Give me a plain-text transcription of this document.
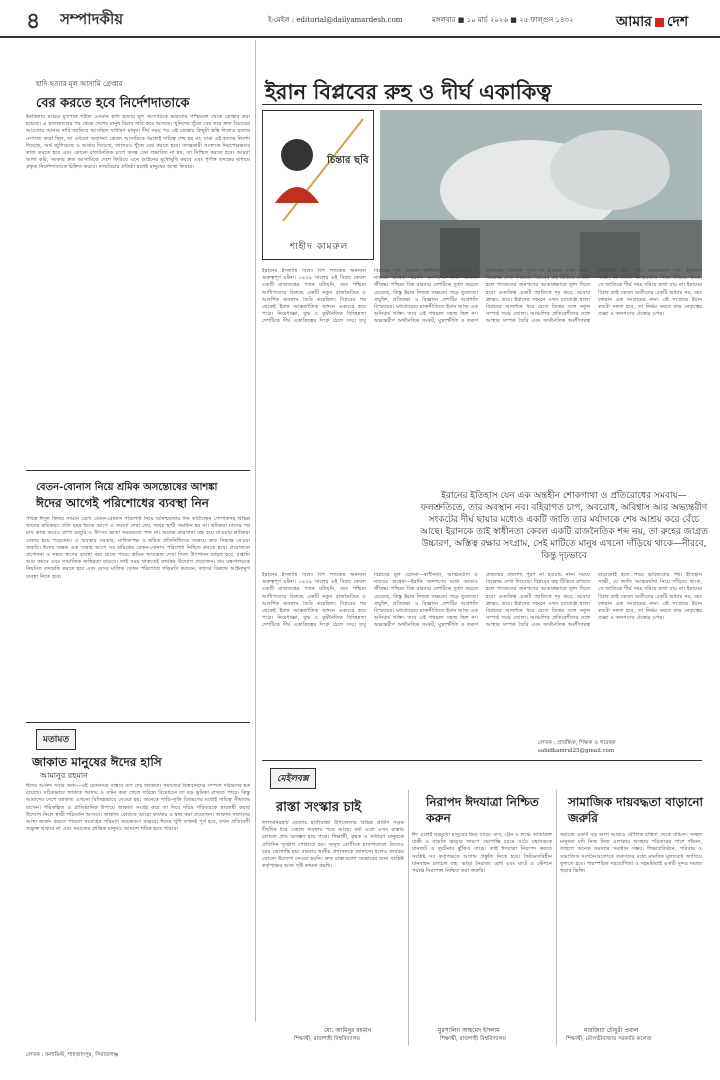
৪ সম্পাদকীয়	ই-মেইল : editorial@dailyamardesh.com	মঙ্গলবার ■ ১০ মার্চ ২০২৬ ■ ২৫ ফাল্গুন ১৪৩২	আমার দেশ
হাদি হত্যার মূল আসামি গ্রেপ্তার
বের করতে হবে নির্দেশদাতাকে
ইনকিলাব মঞ্চের মুখপাত্র শরীফ ওসমান হাদি হত্যার মূল আসামিকে ভারতের পশ্চিমবঙ্গ থেকে গ্রেপ্তার করা হয়েছে। এ হত্যাকাণ্ডের পর থেকে দেশের মানুষ বিচার দাবি করে আসছে। খুনিদের খুঁজে বের করে দ্রুত বিচারের আওতায় আনার দাবি জানিয়ে আসছিল সাধারণ মানুষ। দীর্ঘ সময় পর এই গ্রেপ্তার কিছুটা স্বস্তি দিলেও হত্যার নেপথ্যে কারা ছিল, তা এখনো অজানা। কেবল আসামিকে ধরলেই দায়িত্ব শেষ হয় না; যারা এই হত্যার নির্দেশ দিয়েছে, অর্থ জুগিয়েছে ও আশ্রয় দিয়েছে, তাদেরও খুঁজে বের করতে হবে। তদন্তকারী সংস্থাকে নিরপেক্ষভাবে কাজ করতে হবে এবং কোনো রাজনৈতিক চাপে তদন্ত যেন প্রভাবিত না হয়, তা নিশ্চিত করতে হবে। আমরা আশা করি, সরকার দ্রুত আসামিকে দেশে ফিরিয়ে এনে আইনের মুখোমুখি করবে এবং পূর্ণাঙ্গ তদন্তের মাধ্যমে প্রকৃত নির্দেশদাতাকে চিহ্নিত করবে। ন্যায়বিচার প্রতিষ্ঠা হলেই মানুষের আস্থা ফিরবে।
বেতন-বোনাস নিয়ে শ্রমিক অসন্তোষের আশঙ্কা
ঈদের আগেই পরিশোধের ব্যবস্থা নিন
পবিত্র ঈদুল ফিতর সামনে রেখে বেতন-বোনাস পরিশোধ নিয়ে অনিশ্চয়তায় দিন কাটাচ্ছেন পোশাকসহ বিভিন্ন খাতের শ্রমিকরা। প্রতি বছর ঈদের আগে এ সমস্যা দেখা দেয়, অথচ স্থায়ী সমাধান হয় না। শ্রমিকরা মাসের পর মাস কাজ করেও প্রাপ্য মজুরি ও উৎসব ভাতা সময়মতো পান না। অনেক কারখানা বন্ধ হয়ে যাওয়ায় শ্রমিকরা বেকার হয়ে পড়েছেন। এ অবস্থায় সরকার, মালিকপক্ষ ও শ্রমিক প্রতিনিধিদের সমন্বয়ে দ্রুত সিদ্ধান্ত নেওয়া জরুরি। ঈদের অন্তত এক সপ্তাহ আগে সব শ্রমিকের বেতন-বোনাস পরিশোধ নিশ্চিত করতে হবে। প্রয়োজনে প্রণোদনা ও সহজ ঋণের ব্যবস্থা করা যেতে পারে। শ্রমিক অসন্তোষ দেখা দিলে উৎপাদন ব্যাহত হবে, রপ্তানি আয় কমবে এবং সামাজিক অস্থিরতা বাড়বে। তাই সময় থাকতেই কার্যকর উদ্যোগ প্রয়োজন। শ্রম মন্ত্রণালয়কে নিয়মিত তদারকি করতে হবে এবং যেসব মালিক বেতন পরিশোধে গড়িমসি করবেন, তাদের বিরুদ্ধে আইনানুগ ব্যবস্থা নিতে হবে।
মতামত
জাকাত মানুষের ঈদের হাসি
আমানুর রহমান
ঈদের আনন্দ সবার জন্য—এই চেতনাকে বাস্তবে রূপ দেয় জাকাত। সমাজের বিত্তবানদের সম্পদে দরিদ্রদের হক রয়েছে। সঠিকভাবে জাকাত আদায় ও বণ্টন করা গেলে দারিদ্র্য বিমোচনে তা বড় ভূমিকা রাখতে পারে। কিন্তু আমাদের দেশে জাকাত এখনো বিচ্ছিন্নভাবে দেওয়া হয়; অনেকে শাড়ি-লুঙ্গি বিতরণের মধ্যেই দায়িত্ব সীমাবদ্ধ রাখেন। পরিকল্পিত ও প্রাতিষ্ঠানিক উপায়ে জাকাত সংগ্রহ করে তা দিয়ে দরিদ্র পরিবারকে স্বাবলম্বী করার উদ্যোগ নিলে স্থায়ী পরিবর্তন আসবে। জাকাত বোর্ডকে আরো কার্যকর ও স্বচ্ছ করা প্রয়োজন। জাকাত দাতাদের আস্থা অর্জন করতে পারলে সংগ্রহের পরিমাণ কয়েকগুণ বাড়বে। ঈদের খুশি তখনই পূর্ণ হবে, যখন প্রতিবেশী অভুক্ত থাকবে না এবং সমাজের প্রান্তিক মানুষও আনন্দে শরিক হতে পারবে।
লেখক : কলামিস্ট, শাহজাদপুর, সিরাজগঞ্জ
ইরান বিপ্লবের রুহ ও দীর্ঘ একাকিত্ব
চিন্তার ছবি
শাহীদ কামরুল
ইরানের ইসলামি বিপ্লব বিশ শতকের অন্যতম গুরুত্বপূর্ণ ঘটনা। ১৯৭৯ সালের এই বিপ্লব কেবল একটি রাজতন্ত্রের পতন ঘটায়নি, বরং পশ্চিমা আধিপত্যের বিরুদ্ধে একটি নতুন রাজনৈতিক ও আদর্শিক অবস্থান তৈরি করেছিল। বিপ্লবের পর থেকেই ইরান আন্তর্জাতিক অঙ্গনে একঘরে হয়ে পড়ে। নিষেধাজ্ঞা, যুদ্ধ ও কূটনৈতিক বিচ্ছিন্নতা দেশটিকে দীর্ঘ একাকিত্বের দিকে ঠেলে দেয়। তবু বিপ্লবের মূল চেতনা—স্বাধীনতা, আত্মমর্যাদা ও ন্যায়ের অন্বেষা—ইরানি জনগণের মধ্যে আজও জীবন্ত। পশ্চিমা বিশ্ব বারবার দেশটিকে দুর্বল করতে চেয়েছে, কিন্তু ইরান নিজস্ব সক্ষমতা গড়ে তুলেছে। প্রযুক্তি, প্রতিরক্ষা ও বিজ্ঞানে দেশটির অগ্রগতি বিস্ময়কর। মধ্যপ্রাচ্যের রাজনীতিতে ইরান আজ এক অনিবার্য শক্তি। তবে এই পথচলা সহজ ছিল না। অভ্যন্তরীণ অর্থনৈতিক সংকট, মুদ্রাস্ফীতি ও তরুণ প্রজন্মের প্রত্যাশা পূরণ না হওয়ায় নানা সময়ে বিক্ষোভ দেখা দিয়েছে। বিপ্লবের রুহ টিকিয়ে রাখতে হলে শাসকদের জনগণের আকাঙ্ক্ষাকে মূল্য দিতে হবে। একাকিত্ব একটি জাতিকে দৃঢ় করে, আবার ক্লান্তও করে। ইরানের সামনে এখন চ্যালেঞ্জ হলো বিপ্লবের আদর্শকে ধরে রেখে বিশ্বের সঙ্গে নতুন সম্পর্ক গড়ে তোলা। আঞ্চলিক প্রতিবেশীদের সঙ্গে আস্থার সম্পর্ক তৈরি এবং অর্থনৈতিক অংশীদারত্ব বাড়ানোই হতে পারে ভবিষ্যতের পথ। ইতিহাস সাক্ষী, যে জাতি আত্মমর্যাদা নিয়ে দাঁড়িয়ে থাকে, সে জাতিকে দীর্ঘ সময় দমিয়ে রাখা যায় না। ইরানের বিপ্লব তাই কেবল অতীতের একটি অধ্যায় নয়, বরং চলমান এক সংগ্রামের নাম। এই সংগ্রামে ইরান কতটা সফল হবে, তা নির্ভর করবে তার নেতৃত্বের প্রজ্ঞা ও জনগণের ঐক্যের ওপর।
ইরানের ইতিহাস যেন এক অন্তহীন শোকগাথা ও প্রতিরোধের সমবায়— ফলশ্রুতিতে, তার অবস্থান নব। বহিরাগত চাপ, অবরোধ, অবিশ্বাস আর অভ্যন্তরীণ সংকটের দীর্ঘ ছায়ার মধ্যেও একটি জাতি তার মর্যাদাকে শেষ আশ্রয় করে বেঁচে আছে। ইরানকে তাই স্বাধীনতা কেবল একটি রাজনৈতিক শব্দ নয়, তা রুহের জাগ্রত উচ্চারণ, অস্তিত্ব রক্ষার সংগ্রাম, সেই মাটিতে মানুষ এখনো দাঁড়িয়ে থাকে—নীরবে, কিন্তু দৃঢ়ভাবে
ইরানের ইসলামি বিপ্লব বিশ শতকের অন্যতম গুরুত্বপূর্ণ ঘটনা। ১৯৭৯ সালের এই বিপ্লব কেবল একটি রাজতন্ত্রের পতন ঘটায়নি, বরং পশ্চিমা আধিপত্যের বিরুদ্ধে একটি নতুন রাজনৈতিক ও আদর্শিক অবস্থান তৈরি করেছিল। বিপ্লবের পর থেকেই ইরান আন্তর্জাতিক অঙ্গনে একঘরে হয়ে পড়ে। নিষেধাজ্ঞা, যুদ্ধ ও কূটনৈতিক বিচ্ছিন্নতা দেশটিকে দীর্ঘ একাকিত্বের দিকে ঠেলে দেয়। তবু বিপ্লবের মূল চেতনা—স্বাধীনতা, আত্মমর্যাদা ও ন্যায়ের অন্বেষা—ইরানি জনগণের মধ্যে আজও জীবন্ত। পশ্চিমা বিশ্ব বারবার দেশটিকে দুর্বল করতে চেয়েছে, কিন্তু ইরান নিজস্ব সক্ষমতা গড়ে তুলেছে। প্রযুক্তি, প্রতিরক্ষা ও বিজ্ঞানে দেশটির অগ্রগতি বিস্ময়কর। মধ্যপ্রাচ্যের রাজনীতিতে ইরান আজ এক অনিবার্য শক্তি। তবে এই পথচলা সহজ ছিল না। অভ্যন্তরীণ অর্থনৈতিক সংকট, মুদ্রাস্ফীতি ও তরুণ প্রজন্মের প্রত্যাশা পূরণ না হওয়ায় নানা সময়ে বিক্ষোভ দেখা দিয়েছে। বিপ্লবের রুহ টিকিয়ে রাখতে হলে শাসকদের জনগণের আকাঙ্ক্ষাকে মূল্য দিতে হবে। একাকিত্ব একটি জাতিকে দৃঢ় করে, আবার ক্লান্তও করে। ইরানের সামনে এখন চ্যালেঞ্জ হলো বিপ্লবের আদর্শকে ধরে রেখে বিশ্বের সঙ্গে নতুন সম্পর্ক গড়ে তোলা। আঞ্চলিক প্রতিবেশীদের সঙ্গে আস্থার সম্পর্ক তৈরি এবং অর্থনৈতিক অংশীদারত্ব বাড়ানোই হতে পারে ভবিষ্যতের পথ। ইতিহাস সাক্ষী, যে জাতি আত্মমর্যাদা নিয়ে দাঁড়িয়ে থাকে, সে জাতিকে দীর্ঘ সময় দমিয়ে রাখা যায় না। ইরানের বিপ্লব তাই কেবল অতীতের একটি অধ্যায় নয়, বরং চলমান এক সংগ্রামের নাম। এই সংগ্রামে ইরান কতটা সফল হবে, তা নির্ভর করবে তার নেতৃত্বের প্রজ্ঞা ও জনগণের ঐক্যের ওপর।
লেখক : প্রাবন্ধিক, শিক্ষক ও গবেষক
sahidkamrul25@gmail.com
মেইলবক্স
রাস্তা সংস্কার চাই
লালমনিরহাট জেলার হাতীবান্ধা উপজেলার বিভিন্ন গ্রামীণ সড়ক দীর্ঘদিন ধরে বেহাল অবস্থায় পড়ে আছে। বর্ষা এলে এসব রাস্তায় চলাচল প্রায় অসম্ভব হয়ে পড়ে। শিক্ষার্থী, কৃষক ও সাধারণ মানুষকে প্রতিদিন দুর্ভোগ পোহাতে হয়। অসুস্থ রোগীকে হাসপাতালে নিতেও চরম ভোগান্তি হয়। বারবার স্থানীয় প্রশাসনকে জানানো হলেও কার্যকর কোনো উদ্যোগ নেওয়া হয়নি। দ্রুত রাস্তাগুলো সংস্কারের জন্য সংশ্লিষ্ট কর্তৃপক্ষের আশু দৃষ্টি কামনা করছি।
মো. আমিনুর রহমান
শিক্ষার্থী, রাজশাহী বিশ্ববিদ্যালয়
নিরাপদ ঈদযাত্রা নিশ্চিত করুন
ঈদ এলেই ঘরমুখো মানুষের ভিড় বাড়ে। বাস, ট্রেন ও লঞ্চে অতিরিক্ত যাত্রী ও বাড়তি ভাড়ার কারণে ভোগান্তি চরমে ওঠে। মহাসড়কে যানজট ও দুর্ঘটনার ঝুঁকিও বাড়ে। তাই ঈদযাত্রা নিরাপদ করতে সংশ্লিষ্ট সব কর্তৃপক্ষকে আগাম প্রস্তুতি নিতে হবে। ফিটনেসবিহীন যানবাহন চলাচল বন্ধ, ভাড়া নৈরাজ্য রোধ এবং ঘাটে ও স্টেশনে পর্যাপ্ত নিরাপত্তা নিশ্চিত করা জরুরি।
মুরসালিন আহমেদ ইসলাম
শিক্ষার্থী, রাজশাহী বিশ্ববিদ্যালয়
সামাজিক দায়বদ্ধতা বাড়ানো জরুরি
সমাজে একটি বড় অংশ আজও মৌলিক চাহিদা থেকে বঞ্চিত। সচ্ছল মানুষরা যদি নিজ নিজ এলাকার অসহায় পরিবারের পাশে দাঁড়ান, তাহলে অনেক সমস্যার সমাধান সম্ভব। শিক্ষাপ্রতিষ্ঠান, পরিবার ও সামাজিক সংগঠনগুলোকে তরুণদের মধ্যে মানবিক মূল্যবোধ জাগিয়ে তুলতে হবে। পারস্পরিক সহযোগিতা ও সহমর্মিতাই একটি সুন্দর সমাজ গড়ার ভিত্তি।
মারজিয়া চৌধুরী প্রবাল
শিক্ষার্থী, মৌলভীবাজার সরকারি কলেজ
